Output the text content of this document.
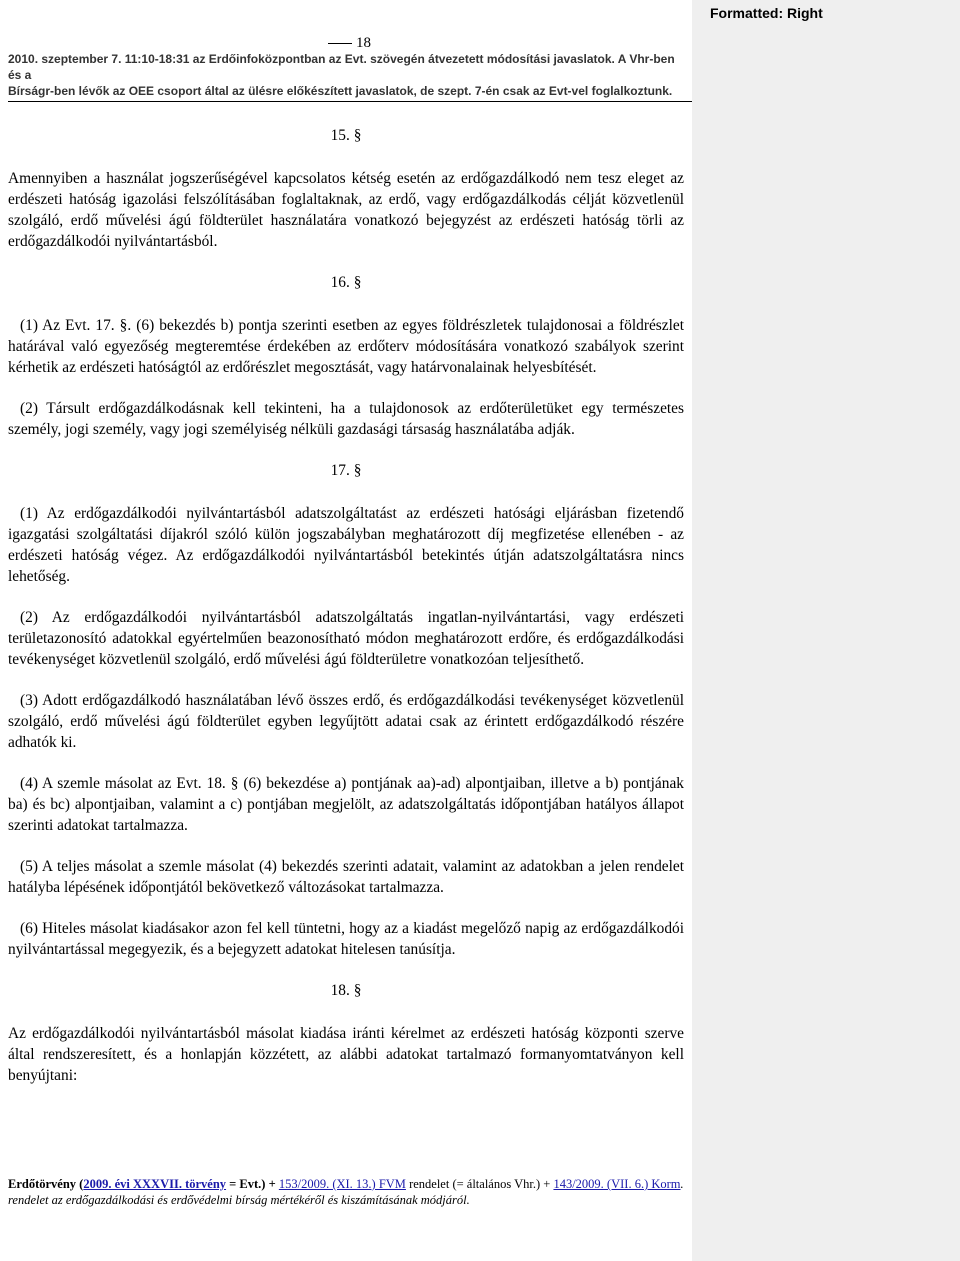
Formatted: Right
18
2010. szeptember 7. 11:10-18:31 az Erdőinfoközpontban az Evt. szövegén átvezetett módosítási javaslatok. A Vhr-ben és a
Bírságr-ben lévők az OEE csoport által az ülésre előkészített javaslatok, de szept. 7-én csak az Evt-vel foglalkoztunk.
15. §

Amennyiben a használat jogszerűségével kapcsolatos kétség esetén az erdőgazdálkodó nem tesz eleget az erdészeti hatóság igazolási felszólításában foglaltaknak, az erdő, vagy erdőgazdálkodás célját közvetlenül szolgáló, erdő művelési ágú földterület használatára vonatkozó bejegyzést az erdészeti hatóság törli az erdőgazdálkodói nyilvántartásból.

16. §

(1) Az Evt. 17. §. (6) bekezdés b) pontja szerinti esetben az egyes földrészletek tulajdonosai a földrészlet határával való egyezőség megteremtése érdekében az erdőterv módosítására vonatkozó szabályok szerint kérhetik az erdészeti hatóságtól az erdőrészlet megosztását, vagy határvonalainak helyesbítését.

(2) Társult erdőgazdálkodásnak kell tekinteni, ha a tulajdonosok az erdőterületüket egy természetes személy, jogi személy, vagy jogi személyiség nélküli gazdasági társaság használatába adják.

17. §

(1) Az erdőgazdálkodói nyilvántartásból adatszolgáltatást az erdészeti hatósági eljárásban fizetendő igazgatási szolgáltatási díjakról szóló külön jogszabályban meghatározott díj megfizetése ellenében - az erdészeti hatóság végez. Az erdőgazdálkodói nyilvántartásból betekintés útján adatszolgáltatásra nincs lehetőség.

(2) Az erdőgazdálkodói nyilvántartásból adatszolgáltatás ingatlan-nyilvántartási, vagy erdészeti területazonosító adatokkal egyértelműen beazonosítható módon meghatározott erdőre, és erdőgazdálkodási tevékenységet közvetlenül szolgáló, erdő művelési ágú földterületre vonatkozóan teljesíthető.

(3) Adott erdőgazdálkodó használatában lévő összes erdő, és erdőgazdálkodási tevékenységet közvetlenül szolgáló, erdő művelési ágú földterület egyben legyűjtött adatai csak az érintett erdőgazdálkodó részére adhatók ki.

(4) A szemle másolat az Evt. 18. § (6) bekezdése a) pontjának aa)-ad) alpontjaiban, illetve a b) pontjának ba) és bc) alpontjaiban, valamint a c) pontjában megjelölt, az adatszolgáltatás időpontjában hatályos állapot szerinti adatokat tartalmazza.

(5) A teljes másolat a szemle másolat (4) bekezdés szerinti adatait, valamint az adatokban a jelen rendelet hatályba lépésének időpontjától bekövetkező változásokat tartalmazza.

(6) Hiteles másolat kiadásakor azon fel kell tüntetni, hogy az a kiadást megelőző napig az erdőgazdálkodói nyilvántartással megegyezik, és a bejegyzett adatokat hitelesen tanúsítja.

18. §

Az erdőgazdálkodói nyilvántartásból másolat kiadása iránti kérelmet az erdészeti hatóság központi szerve által rendszeresített, és a honlapján közzétett, az alábbi adatokat tartalmazó formanyomtatványon kell benyújtani:

Erdőtörvény (2009. évi XXXVII. törvény = Evt.) + 153/2009. (XI. 13.) FVM rendelet (= általános Vhr.) + 143/2009. (VII. 6.) Korm. rendelet az erdőgazdálkodási és erdővédelmi bírság mértékéről és kiszámításának módjáról.
